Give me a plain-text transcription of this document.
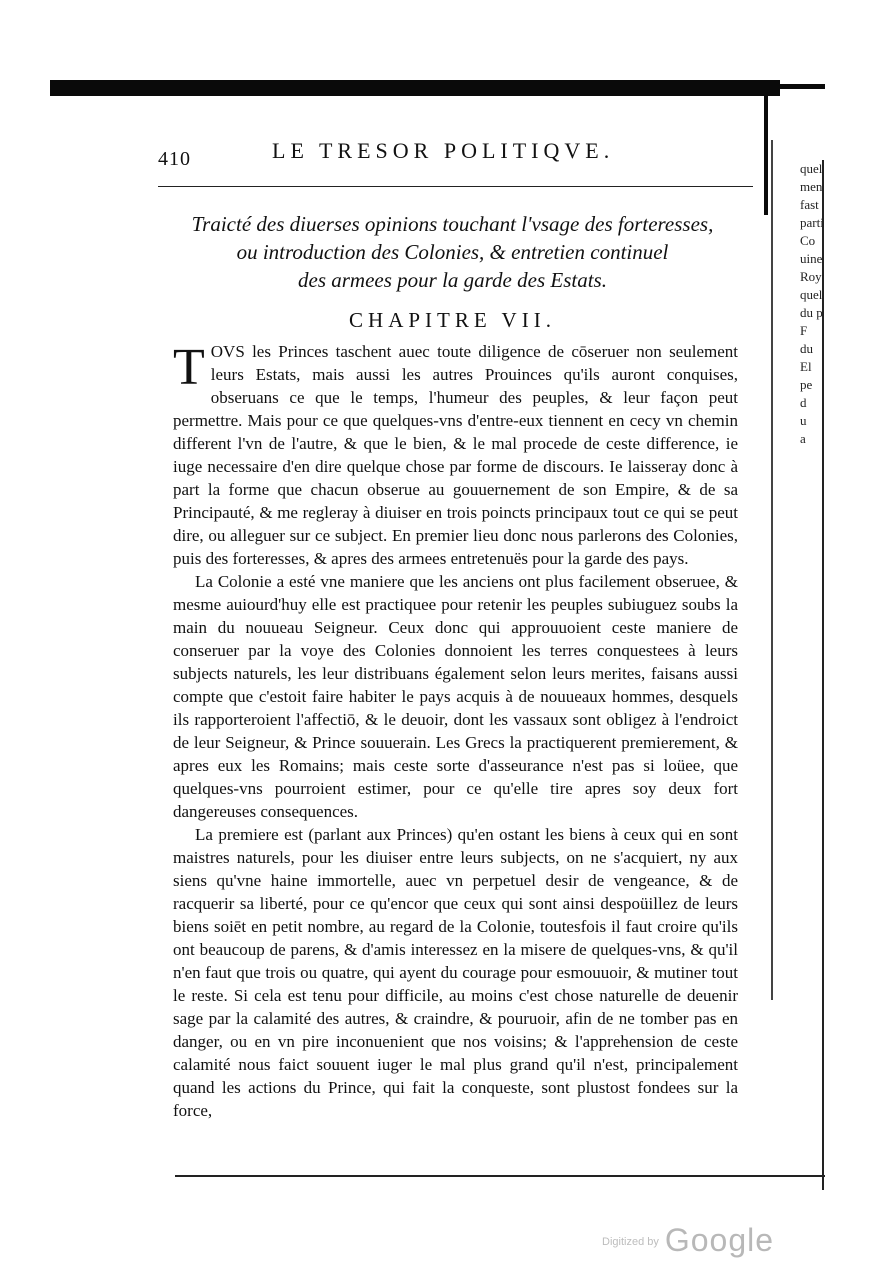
410	LE TRESOR POLITIQVE.
Traicté des diuerses opinions touchant l'vsage des forteresses,
ou introduction des Colonies, & entretien continuel
des armees pour la garde des Estats.
CHAPITRE VII.

TOVS les Princes taschent auec toute diligence de cōseruer non seulement leurs Estats, mais aussi les autres Prouinces qu'ils auront conquises, obseruans ce que le temps, l'humeur des peuples, & leur façon peut permettre. Mais pour ce que quelques-vns d'entre-eux tiennent en cecy vn chemin different l'vn de l'autre, & que le bien, & le mal procede de ceste difference, ie iuge necessaire d'en dire quelque chose par forme de discours. Ie laisseray donc à part la forme que chacun obserue au gouuernement de son Empire, & de sa Principauté, & me regleray à diuiser en trois poincts principaux tout ce qui se peut dire, ou alleguer sur ce subject. En premier lieu donc nous parlerons des Colonies, puis des forteresses, & apres des armees entretenuës pour la garde des pays.

La Colonie a esté vne maniere que les anciens ont plus facilement obseruee, & mesme auiourd'huy elle est practiquee pour retenir les peuples subiuguez soubs la main du nouueau Seigneur. Ceux donc qui approuuoient ceste maniere de conseruer par la voye des Colonies donnoient les terres conquestees à leurs subjects naturels, les leur distribuans également selon leurs merites, faisans aussi compte que c'estoit faire habiter le pays acquis à de nouueaux hommes, desquels ils rapporteroient l'affectiō, & le deuoir, dont les vassaux sont obligez à l'endroict de leur Seigneur, & Prince souuerain. Les Grecs la practiquerent premierement, & apres eux les Romains; mais ceste sorte d'asseurance n'est pas si loüee, que quelques-vns pourroient estimer, pour ce qu'elle tire apres soy deux fort dangereuses consequences.

La premiere est (parlant aux Princes) qu'en ostant les biens à ceux qui en sont maistres naturels, pour les diuiser entre leurs subjects, on ne s'acquiert, ny aux siens qu'vne haine immortelle, auec vn perpetuel desir de vengeance, & de racquerir sa liberté, pour ce qu'encor que ceux qui sont ainsi despoüillez de leurs biens soiēt en petit nombre, au regard de la Colonie, toutesfois il faut croire qu'ils ont beaucoup de parens, & d'amis interessez en la misere de quelques-vns, & qu'il n'en faut que trois ou quatre, qui ayent du courage pour esmouuoir, & mutiner tout le reste. Si cela est tenu pour difficile, au moins c'est chose naturelle de deuenir sage par la calamité des autres, & craindre, & pouruoir, afin de ne tomber pas en danger, ou en vn pire inconuenient que nos voisins; & l'apprehension de ceste calamité nous faict souuent iuger le mal plus grand qu'il n'est, principalement quand les actions du Prince, qui fait la conqueste, sont plustost fondees sur la force,

quel
men
fast
parti
Co
uine
Roy
quel
du p
F
du
El
pe
d
u
a
$^{Digitized by}$ Google
